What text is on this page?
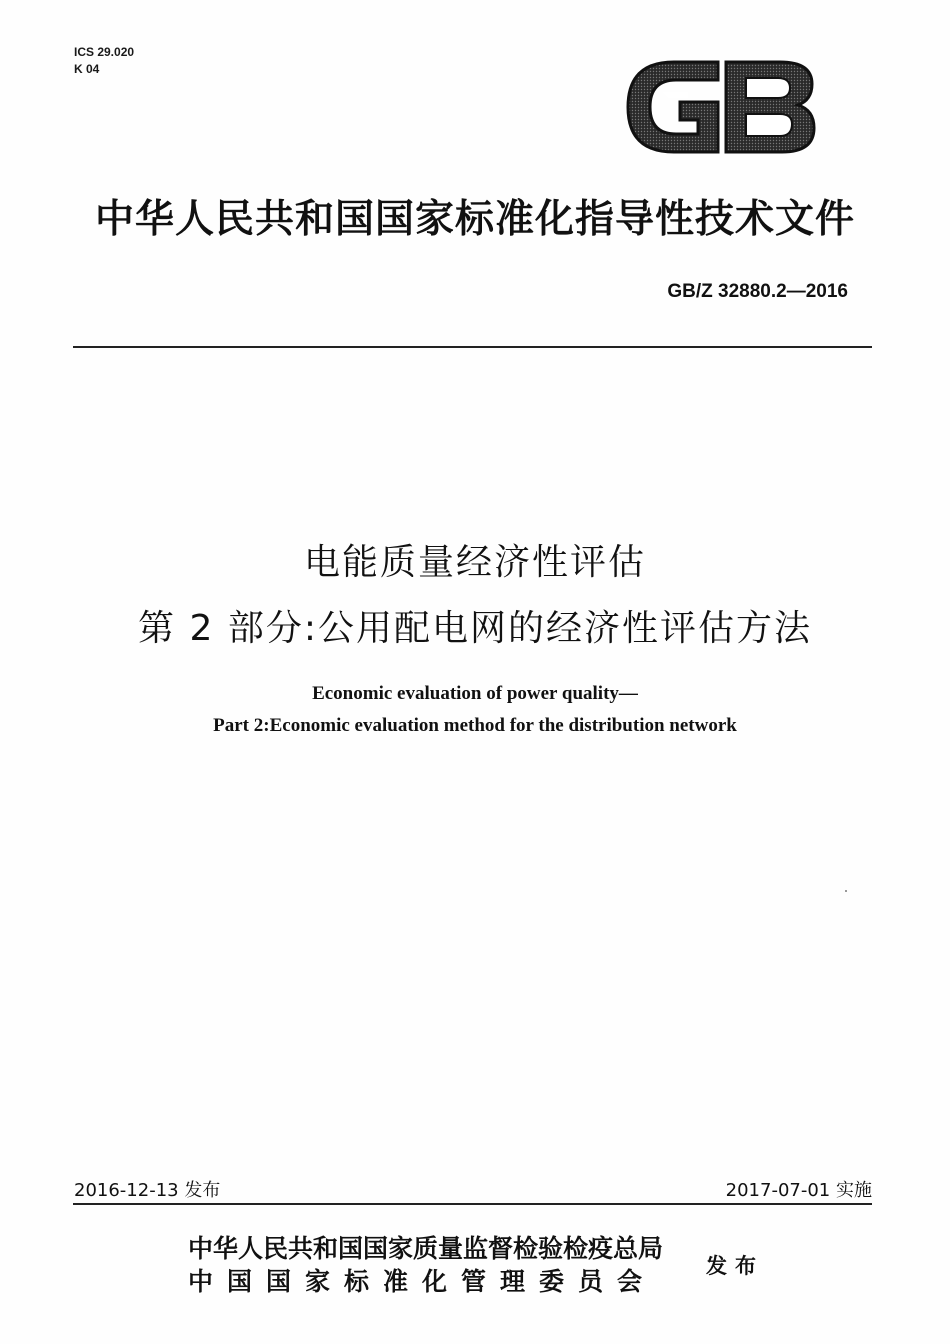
ICS 29.020
K 04
中华人民共和国国家标准化指导性技术文件
GB/Z 32880.2—2016
电能质量经济性评估
第 2 部分:公用配电网的经济性评估方法
Economic evaluation of power quality—
Part 2:Economic evaluation method for the distribution network
2016-12-13 发布	2017-07-01 实施
中华人民共和国国家质量监督检验检疫总局
中国国家标准化管理委员会
发布
